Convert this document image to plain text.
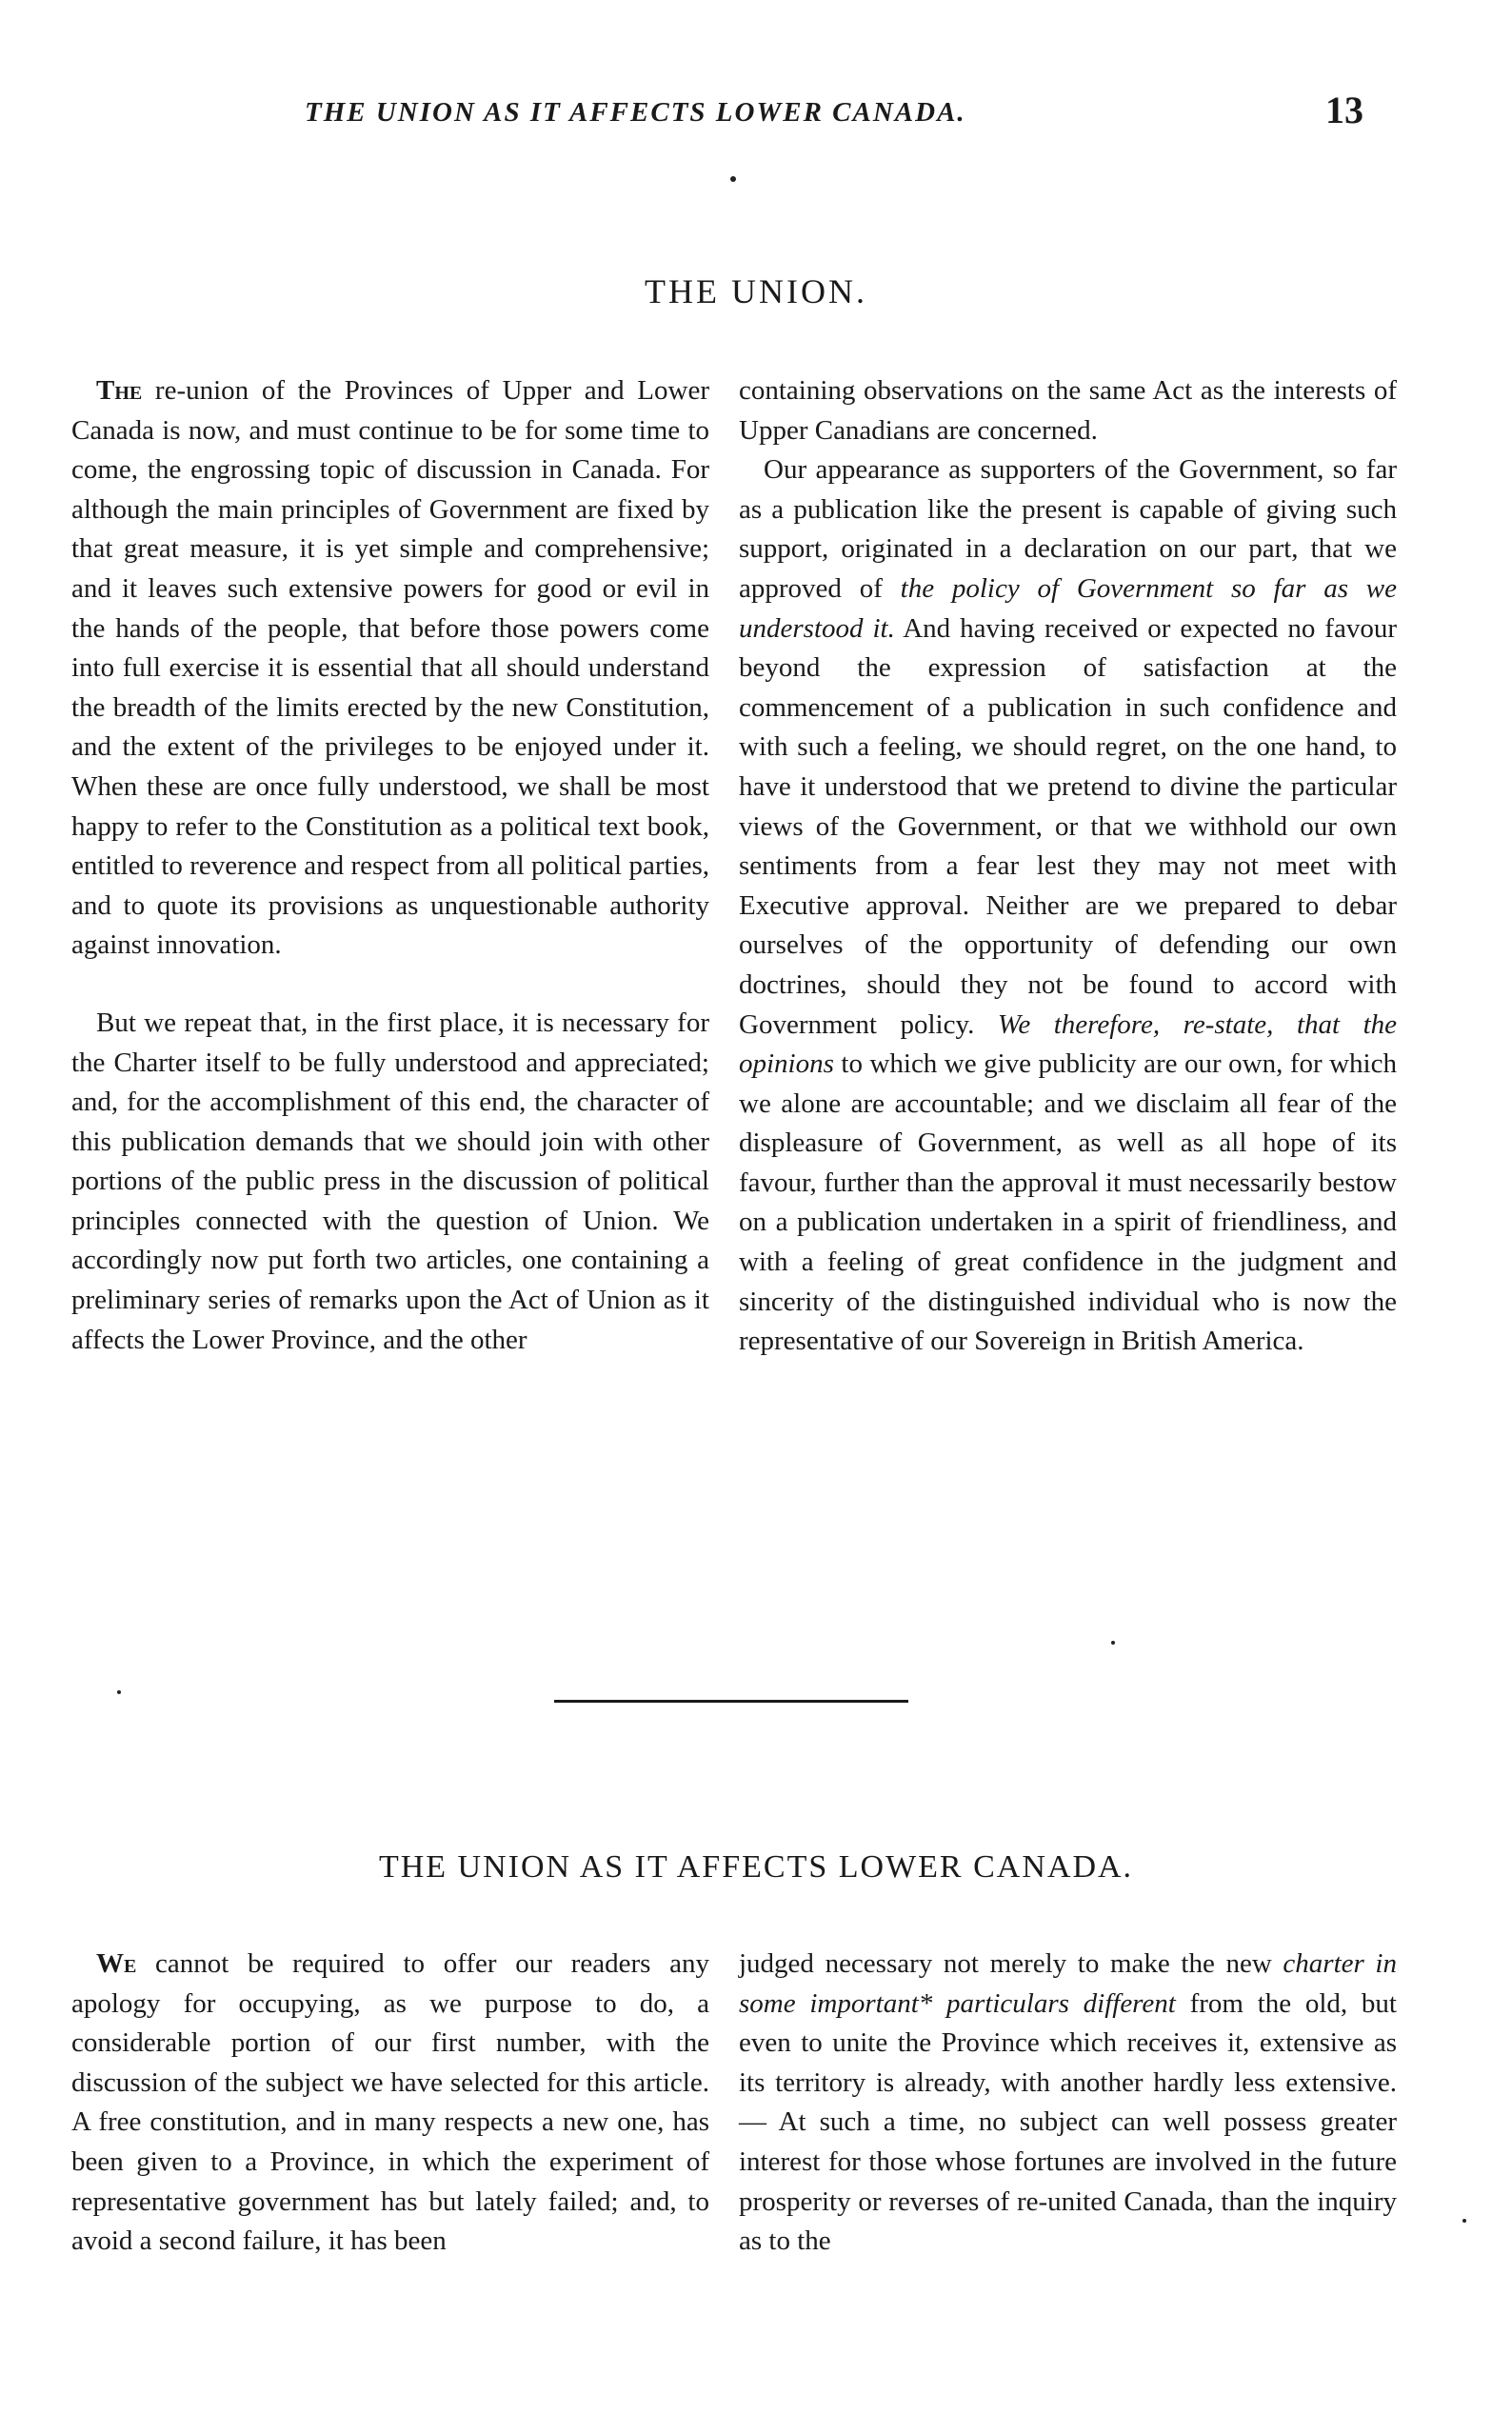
THE UNION AS IT AFFECTS LOWER CANADA.	13
THE UNION.

The re-union of the Provinces of Upper and Lower Canada is now, and must continue to be for some time to come, the engrossing topic of discussion in Canada. For although the main principles of Government are fixed by that great measure, it is yet simple and comprehensive; and it leaves such extensive powers for good or evil in the hands of the people, that before those powers come into full exercise it is essential that all should understand the breadth of the limits erected by the new Constitution, and the extent of the privileges to be enjoyed under it. When these are once fully understood, we shall be most happy to refer to the Constitution as a political text book, entitled to reverence and respect from all political parties, and to quote its provisions as unquestionable authority against innovation.

But we repeat that, in the first place, it is necessary for the Charter itself to be fully understood and appreciated; and, for the accomplishment of this end, the character of this publication demands that we should join with other portions of the public press in the discussion of political principles connected with the question of Union. We accordingly now put forth two articles, one containing a preliminary series of remarks upon the Act of Union as it affects the Lower Province, and the other

containing observations on the same Act as the interests of Upper Canadians are concerned.

Our appearance as supporters of the Government, so far as a publication like the present is capable of giving such support, originated in a declaration on our part, that we approved of the policy of Government so far as we understood it. And having received or expected no favour beyond the expression of satisfaction at the commencement of a publication in such confidence and with such a feeling, we should regret, on the one hand, to have it understood that we pretend to divine the particular views of the Government, or that we withhold our own sentiments from a fear lest they may not meet with Executive approval. Neither are we prepared to debar ourselves of the opportunity of defending our own doctrines, should they not be found to accord with Government policy. We therefore, re-state, that the opinions to which we give publicity are our own, for which we alone are accountable; and we disclaim all fear of the displeasure of Government, as well as all hope of its favour, further than the approval it must necessarily bestow on a publication undertaken in a spirit of friendliness, and with a feeling of great confidence in the judgment and sincerity of the distinguished individual who is now the representative of our Sovereign in British America.

THE UNION AS IT AFFECTS LOWER CANADA.

We cannot be required to offer our readers any apology for occupying, as we purpose to do, a considerable portion of our first number, with the discussion of the subject we have selected for this article. A free constitution, and in many respects a new one, has been given to a Province, in which the experiment of representative government has but lately failed; and, to avoid a second failure, it has been

judged necessary not merely to make the new charter in some important* particulars different from the old, but even to unite the Province which receives it, extensive as its territory is already, with another hardly less extensive.— At such a time, no subject can well possess greater interest for those whose fortunes are involved in the future prosperity or reverses of re-united Canada, than the inquiry as to the
